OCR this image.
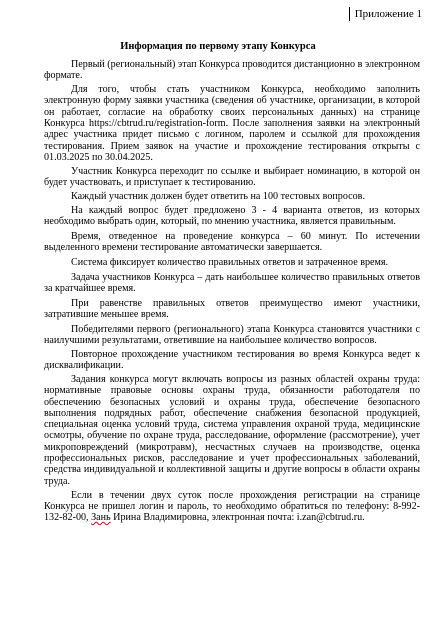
Приложение 1
Информация по первому этапу Конкурса

Первый (региональный) этап Конкурса проводится дистанционно в электронном формате.

Для того, чтобы стать участником Конкурса, необходимо заполнить электронную форму заявки участника (сведения об участнике, организации, в которой он работает, согласие на обработку своих персональных данных) на странице Конкурса https://cbtrud.ru/registration-form. После заполнения заявки на электронный адрес участника придет письмо с логином, паролем и ссылкой для прохождения тестирования. Прием заявок на участие и прохождение тестирования открыты с 01.03.2025 по 30.04.2025.

Участник Конкурса переходит по ссылке и выбирает номинацию, в которой он будет участвовать, и приступает к тестированию.

Каждый участник должен будет ответить на 100 тестовых вопросов.

На каждый вопрос будет предложено 3 - 4 варианта ответов, из которых необходимо выбрать один, который, по мнению участника, является правильным.

Время, отведенное на проведение конкурса – 60 минут. По истечении выделенного времени тестирование автоматически завершается.

Система фиксирует количество правильных ответов и затраченное время.

Задача участников Конкурса – дать наибольшее количество правильных ответов за кратчайшее время.

При равенстве правильных ответов преимущество имеют участники, затратившие меньшее время.

Победителями первого (регионального) этапа Конкурса становятся участники с наилучшими результатами, ответившие на наибольшее количество вопросов.

Повторное прохождение участником тестирования во время Конкурса ведет к дисквалификации.

Задания конкурса могут включать вопросы из разных областей охраны труда: нормативные правовые основы охраны труда, обязанности работодателя по обеспечению безопасных условий и охраны труда, обеспечение безопасного выполнения подрядных работ, обеспечение снабжения безопасной продукцией, специальная оценка условий труда, система управления охраной труда, медицинские осмотры, обучение по охране труда, расследование, оформление (рассмотрение), учет микроповреждений (микротравм), несчастных случаев на производстве, оценка профессиональных рисков, расследование и учет профессиональных заболеваний, средства индивидуальной и коллективной защиты и другие вопросы в области охраны труда.

Если в течении двух суток после прохождения регистрации на странице Конкурса не пришел логин и пароль, то необходимо обратиться по телефону: 8-992-132-82-00, Зань Ирина Владимировна, электронная почта: i.zan@cbtrud.ru.
